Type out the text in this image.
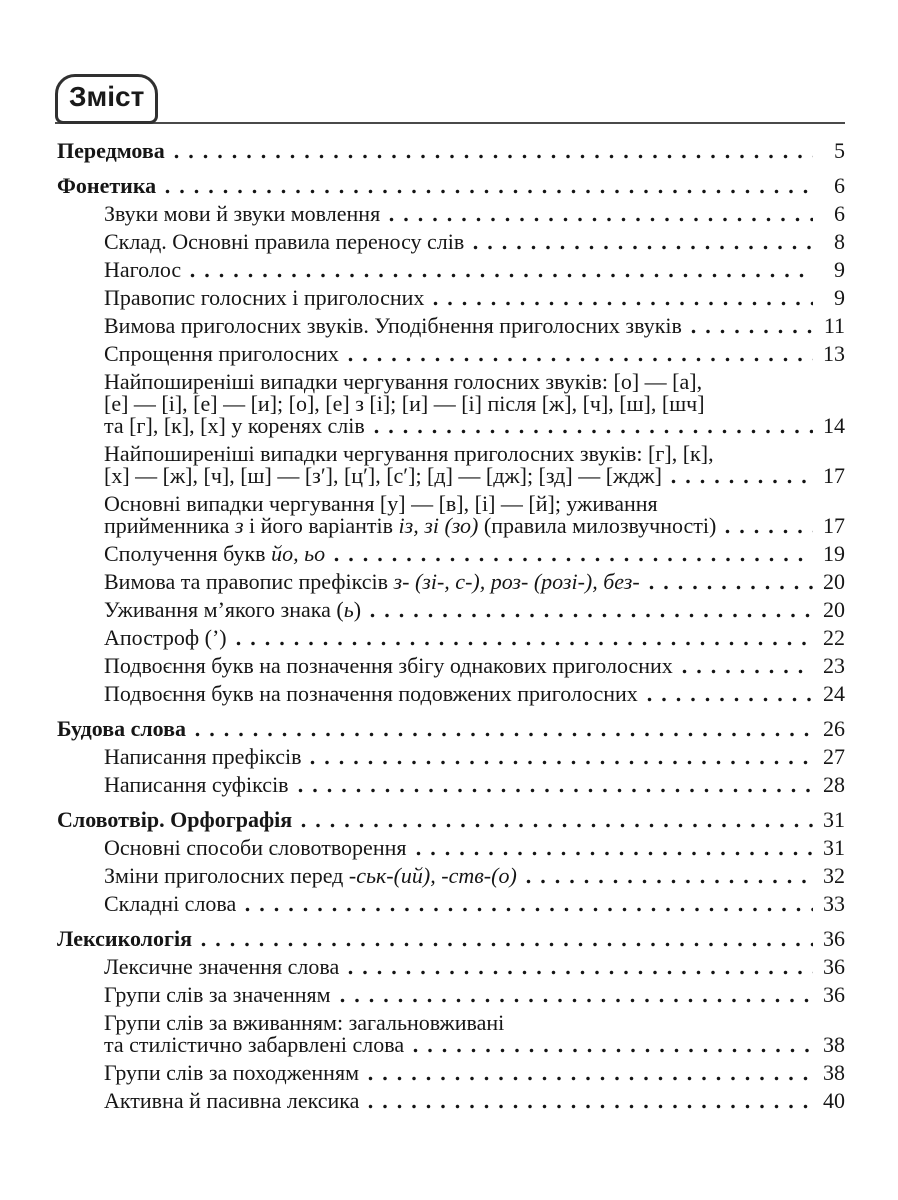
Зміст
Передмова	5
Фонетика	6
Звуки мови й звуки мовлення	6
Склад. Основні правила переносу слів	8
Наголос	9
Правопис голосних і приголосних	9
Вимова приголосних звуків. Уподібнення приголосних звуків	11
Спрощення приголосних	13
Найпоширеніші випадки чергування голосних звуків: [о] — [а],
[е] — [і], [е] — [и]; [о], [е] з [і]; [и] — [і] після [ж], [ч], [ш], [шч]
та [г], [к], [х] у коренях слів	14
Найпоширеніші випадки чергування приголосних звуків: [г], [к],
[х] — [ж], [ч], [ш] — [з′], [ц′], [с′]; [д] — [дж]; [зд] — [ждж]	17
Основні випадки чергування [у] — [в], [і] — [й]; уживання
прийменника з і його варіантів із, зі (зо) (правила милозвучності)	17
Сполучення букв йо, ьо	19
Вимова та правопис префіксів з- (зі-, с-), роз- (розі-), без-	20
Уживання м’якого знака (ь)	20
Апостроф (’)	22
Подвоєння букв на позначення збігу однакових приголосних	23
Подвоєння букв на позначення подовжених приголосних	24
Будова слова	26
Написання префіксів	27
Написання суфіксів	28
Словотвір. Орфографія	31
Основні способи словотворення	31
Зміни приголосних перед -ськ-(ий), -ств-(о)	32
Складні слова	33
Лексикологія	36
Лексичне значення слова	36
Групи слів за значенням	36
Групи слів за вживанням: загальновживані
та стилістично забарвлені слова	38
Групи слів за походженням	38
Активна й пасивна лексика	40
